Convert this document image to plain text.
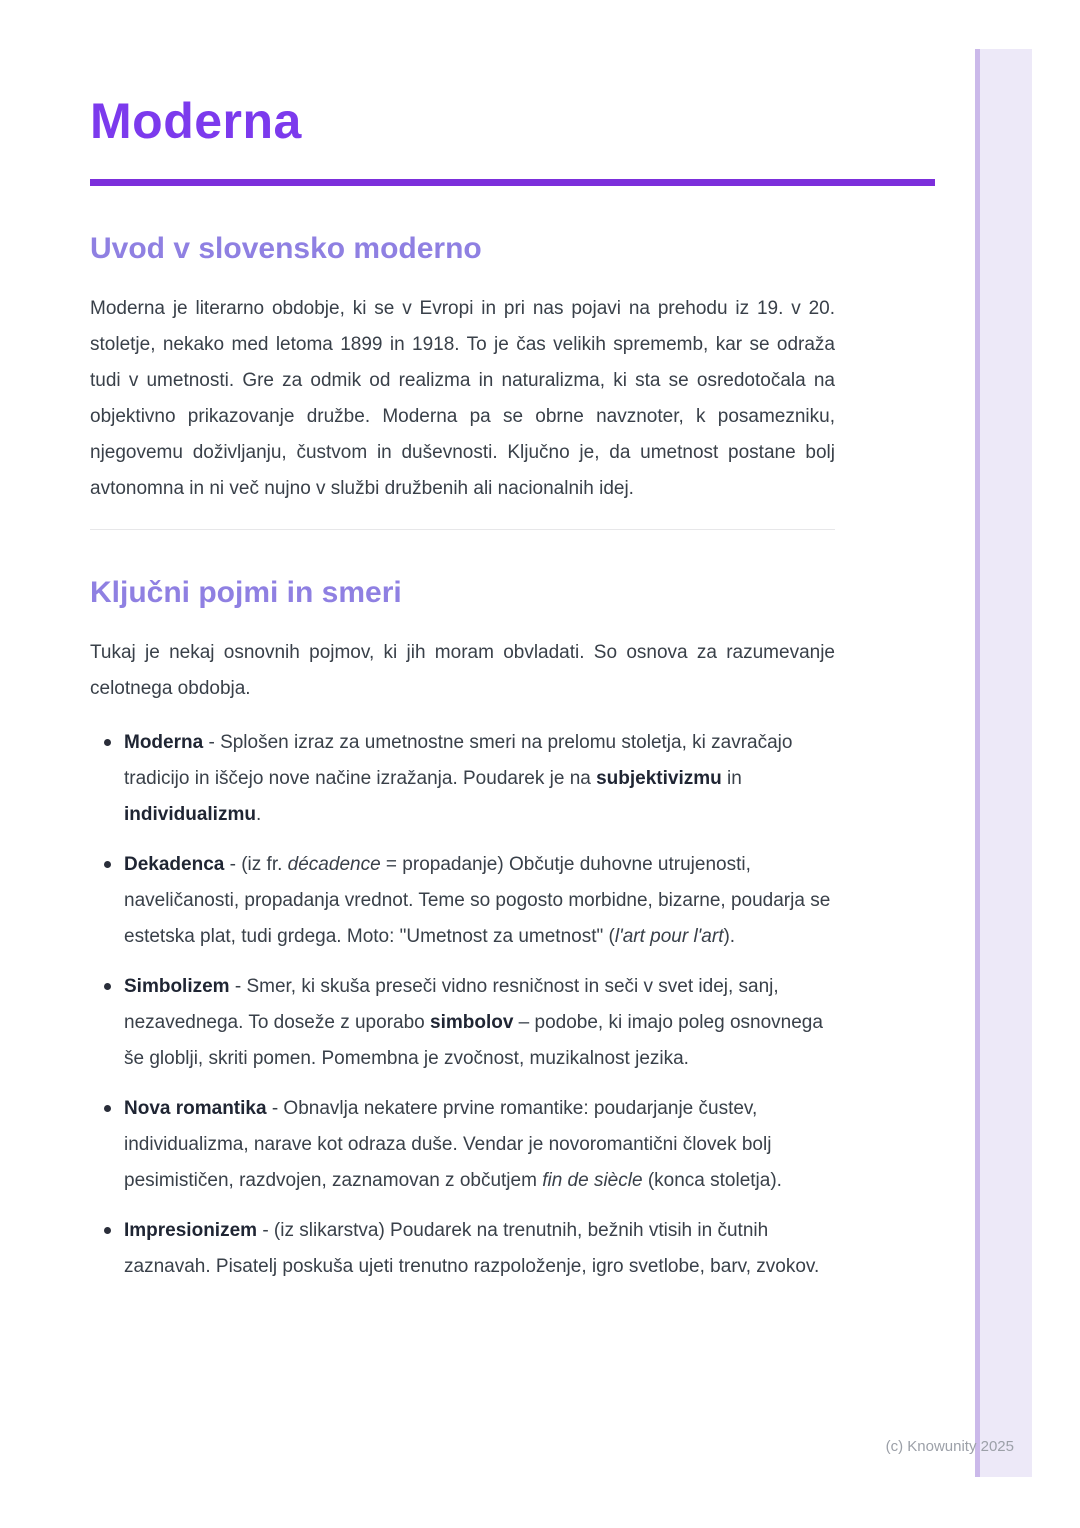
Moderna
Uvod v slovensko moderno

Moderna je literarno obdobje, ki se v Evropi in pri nas pojavi na prehodu iz 19. v 20. stoletje, nekako med letoma 1899 in 1918. To je čas velikih sprememb, kar se odraža tudi v umetnosti. Gre za odmik od realizma in naturalizma, ki sta se osredotočala na objektivno prikazovanje družbe. Moderna pa se obrne navznoter, k posamezniku, njegovemu doživljanju, čustvom in duševnosti. Ključno je, da umetnost postane bolj avtonomna in ni več nujno v službi družbenih ali nacionalnih idej.

Ključni pojmi in smeri

Tukaj je nekaj osnovnih pojmov, ki jih moram obvladati. So osnova za razumevanje celotnega obdobja.

Moderna - Splošen izraz za umetnostne smeri na prelomu stoletja, ki zavračajo tradicijo in iščejo nove načine izražanja. Poudarek je na subjektivizmu in individualizmu.
Dekadenca - (iz fr. décadence = propadanje) Občutje duhovne utrujenosti, naveličanosti, propadanja vrednot. Teme so pogosto morbidne, bizarne, poudarja se estetska plat, tudi grdega. Moto: "Umetnost za umetnost" (l'art pour l'art).
Simbolizem - Smer, ki skuša preseči vidno resničnost in seči v svet idej, sanj, nezavednega. To doseže z uporabo simbolov – podobe, ki imajo poleg osnovnega še globlji, skriti pomen. Pomembna je zvočnost, muzikalnost jezika.
Nova romantika - Obnavlja nekatere prvine romantike: poudarjanje čustev, individualizma, narave kot odraza duše. Vendar je novoromantični človek bolj pesimističen, razdvojen, zaznamovan z občutjem fin de siècle (konca stoletja).
Impresionizem - (iz slikarstva) Poudarek na trenutnih, bežnih vtisih in čutnih zaznavah. Pisatelj poskuša ujeti trenutno razpoloženje, igro svetlobe, barv, zvokov.
(c) Knowunity 2025
